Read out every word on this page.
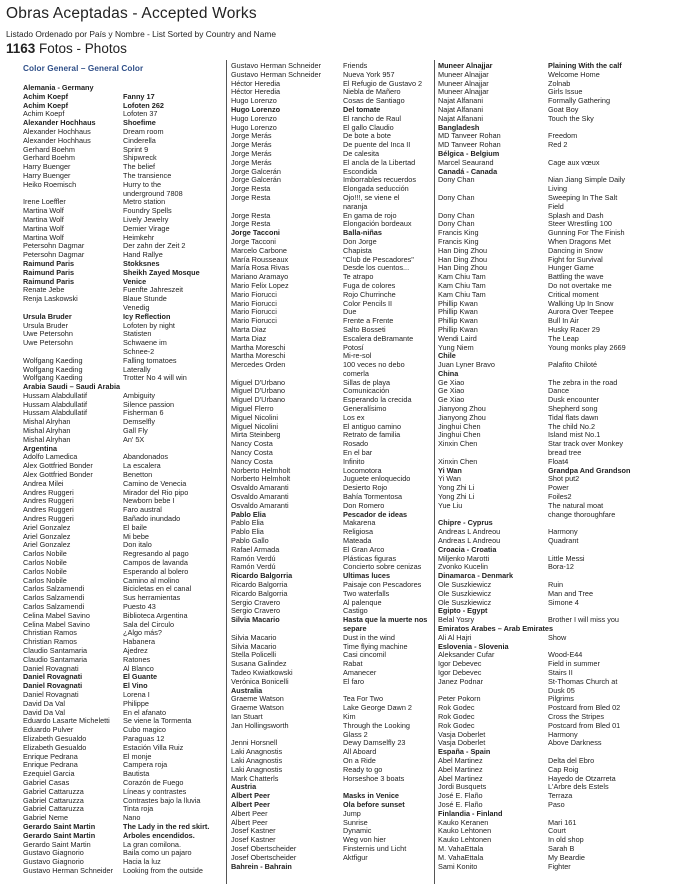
Obras Aceptadas - Accepted Works
Listado Ordenado por País y Nombre - List Sorted by Country and Name
1163 Fotos - Photos
Color General – General Color
Alemania - Germany
Achim Koepf	Fanny 17
Achim Koepf	Lofoten 262
Achim Koepf	Lofoten 37
Alexander Hochhaus	Shoefime
Alexander Hochhaus	Dream room
Alexander Hochhaus	Cinderella
Gerhard Boehm	Sprint 9
Gerhard Boehm	Shipwreck
Harry Buenger	The belief
Harry Buenger	The transience
Heiko Roemisch	Hurry to the
underground 7808
Irene Loeffler	Metro station
Martina Wolf	Foundry Spells
Martina Wolf	Lively Jewelry
Martina Wolf	Demier Virage
Martina Wolf	Heimkehr
Petersohn Dagmar	Der zahn der Zeit 2
Petersohn Dagmar	Hand Rallye
Raimund Paris	Stokksnes
Raimund Paris	Sheikh Zayed Mosque
Raimund Paris	Venice
Renate Jebe	Fuenfte Jahreszeit
Renja Laskowski	Blaue Stunde
Venedig
Ursula Bruder	Icy Reflection
Ursula Bruder	Lofoten by night
Uwe Petersohn	Statisten
Uwe Petersohn	Schwaene im
Schnee-2
Wolfgang Kaeding	Falling tomatoes
Wolfgang Kaeding	Laterally
Wolfgang Kaeding	Trotter No 4 will win
Arabia Saudi – Saudi Arabia
Hussam Alabdullatif	Ambiguity
Hussam Alabdullatif	Silence passion
Hussam Alabdullatif	Fisherman 6
Mishal Alryhan	Demselfly
Mishal Alryhan	Gall Fly
Mishal Alryhan	An' 5X
Argentina
Adolfo Lamedica	Abandonados
Alex Gottfried Bonder	La escalera
Alex Gottfried Bonder	Benetton
Andrea Milei	Camino de Venecia
Andres Ruggeri	Mirador del Rio pipo
Andres Ruggeri	Newborn bebe I
Andres Ruggeri	Faro austral
Andres Ruggeri	Bañado inundado
Ariel Gonzalez	El baile
Ariel Gonzalez	Mi bebe
Ariel Gonzalez	Don italo
Carlos Nobile	Regresando al pago
Carlos Nobile	Campos de lavanda
Carlos Nobile	Esperando al bolero
Carlos Nobile	Camino al molino
Carlos Salzamendi	Bicicletas en el canal
Carlos Salzamendi	Sus herramientas
Carlos Salzamendi	Puesto 43
Celina Mabel Savino	Biblioteca Argentina
Celina Mabel Savino	Sala del Circulo
Christian Ramos	¿Algo más?
Christian Ramos	Habanera
Claudio Santamaria	Ajedrez
Claudio Santamaria	Ratones
Daniel Rovagnati	Al Blanco
Daniel Rovagnati	El Guante
Daniel Rovagnati	El Vino
Daniel Rovagnati	Lorena I
David Da Val	Philippe
David Da Val	En el afanato
Eduardo Lasarte Micheletti	Se viene la Tormenta
Eduardo Pulver	Cubo magico
Elizabeth Gesualdo	Paraguas 12
Elizabeth Gesualdo	Estación Villa Ruiz
Enrique Pedrana	El monje
Enrique Pedrana	Campera roja
Ezequiel Garcia	Bautista
Gabriel Casas	Corazón de Fuego
Gabriel Cattaruzza	Líneas y contrastes
Gabriel Cattaruzza	Contrastes bajo la lluvia
Gabriel Cattaruzza	Tinta roja
Gabriel Neme	Nano
Gerardo Saint Martin	The Lady in the red skirt.
Gerardo Saint Martin	Árboles encendidos.
Gerardo Saint Martin	La gran comilona.
Gustavo Giagnorio	Baila como un pajaro
Gustavo Giagnorio	Hacia la luz
Gustavo Herman Schneider	Looking from the outside
Gustavo Herman Schneider	Friends
Gustavo Herman Schneider	Nueva York 957
Héctor Heredia	El Refugio de Gustavo 2
Héctor Heredia	Niebla de Mañero
Hugo Lorenzo	Cosas de Santiago
Hugo Lorenzo	Del tomate
Hugo Lorenzo	El rancho de Raul
Hugo Lorenzo	El gallo Claudio
Jorge Merás	De bote a bote
Jorge Merás	De puente del Inca II
Jorge Merás	De calesita
Jorge Merás	El ancla de la Libertad
Jorge Galcerán	Escondida
Jorge Galcerán	Imborrables recuerdos
Jorge Resta	Elongada seducción
Jorge Resta	Ojo!!!, se viene el
naranja
Jorge Resta	En gama de rojo
Jorge Resta	Elongación bordeaux
Jorge Tacconi	Balla-niñas
Jorge Tacconi	Don Jorge
Marcelo Carbone	Chapista
María Rousseaux	"Club de Pescadores"
María Rosa Rivas	Desde los cuentos...
Mariano Aramayo	Te atrapo
Mario Felix Lopez	Fuga de colores
Mario Fiorucci	Rojo Churrinche
Mario Fiorucci	Color Pencils II
Mario Fiorucci	Due
Mario Fiorucci	Frente a Frente
Marta Diaz	Salto Bosseti
Marta Diaz	Escalera deBramante
Martha Moreschi	Potosí
Martha Moreschi	Mi-re-sol
Mercedes Orden	100 veces no debo
comerla
Miguel D'Urbano	Sillas de playa
Miguel D'Urbano	Comunicación
Miguel D'Urbano	Esperando la crecida
Miguel Flerro	Generalísimo
Miguel Nicolini	Los ex
Miguel Nicolini	El antiguo camino
Mirta Steinberg	Retrato de familia
Nancy Costa	Rosado
Nancy Costa	En el bar
Nancy Costa	Infinito
Norberto Helmholt	Locomotora
Norberto Helmholt	Juguete enloquecido
Osvaldo Amaranti	Desierto Rojo
Osvaldo Amaranti	Bahía Tormentosa
Osvaldo Amaranti	Don Romero
Pablo Elia	Pescador de ideas
Pablo Elia	Makarena
Pablo Elia	Religiosa
Pablo Gallo	Mateada
Rafael Armada	El Gran Arco
Ramón Verdú	Plásticas figuras
Ramón Verdú	Concierto sobre cenizas
Ricardo Balgorria	Ultimas luces
Ricardo Balgorria	Paisaje con Pescadores
Ricardo Balgorria	Two waterfalls
Sergio Cravero	Al palenque
Sergio Cravero	Castigo
Silvia Macario	Hasta que la muerte nos
separe
Silvia Macario	Dust in the wind
Silvia Macario	Time flying machine
Stella Policelli	Casi cincomil
Susana Galindez	Rabat
Tadeo Kwiatkowski	Amanecer
Verónica Bonicelli	El faro
Australia
Graeme Watson	Tea For Two
Graeme Watson	Lake George Dawn 2
Ian Stuart	Kim
Jan Hollingsworth	Through the Looking
Glass 2
Jenni Horsnell	Dewy Damselfly 23
Laki Anagnostis	All Aboard
Laki Anagnostis	On a Ride
Laki Anagnostis	Ready to go
Mark Chatterls	Horseshoe 3 boats
Austria
Albert Peer	Masks in Venice
Albert Peer	Ola before sunset
Albert Peer	Jump
Albert Peer	Sunrise
Josef Kastner	Dynamic
Josef Kastner	Weg von hier
Josef Obertscheider	Finsternis und Licht
Josef Obertscheider	Aktfigur
Bahrein - Bahrain
Muneer Alnajjar	Plaining With the calf
Muneer Alnajjar	Welcome Home
Muneer Alnajjar	Zolnab
Muneer Alnajjar	Girls Issue
Najat Alfanani	Formally Gathering
Najat Alfanani	Goat Boy
Najat Alfanani	Touch the Sky
Bangladesh
MD Tanveer Rohan	Freedom
MD Tanveer Rohan	Red 2
Bélgica - Belgium
Marcel Seaurand	Cage aux vœux
Canadá - Canada
Dony Chan	Nian Jiang Simple Daily
Living
Dony Chan	Sweeping In The Salt
Field
Dony Chan	Splash and Dash
Dony Chan	Steer Wrestling 100
Francis King	Gunning For The Finish
Francis King	When Dragons Met
Han Ding Zhou	Dancing in Snow
Han Ding Zhou	Fight for Survival
Han Ding Zhou	Hunger Game
Kam Chiu Tam	Battling the wave
Kam Chiu Tam	Do not overtake me
Kam Chiu Tam	Critical moment
Phillip Kwan	Walking Up In Snow
Phillip Kwan	Aurora Over Teepee
Phillip Kwan	Bull In Air
Phillip Kwan	Husky Racer 29
Wendi Laird	The Leap
Yung Niem	Young monks play 2669
Chile
Juan Lyner Bravo	Palafito Chiloté
China
Ge Xiao	The zebra in the road
Ge Xiao	Dance
Ge Xiao	Dusk encounter
Jianyong Zhou	Shepherd song
Jianyong Zhou	Tidal flats dawn
Jinghui Chen	The child No.2
Jinghui Chen	Island mist No.1
Xinxin Chen	Star track over Monkey
bread tree
Xinxin Chen	Float4
Yi Wan	Grandpa And Grandson
Yi Wan	Shot put2
Yong Zhi Li	Power
Yong Zhi Li	Foiles2
Yue Liu	The natural moat
change thoroughfare
Chipre - Cyprus
Andreas L Andreou	Harmony
Andreas L Andreou	Quadrant
Croacia - Croatia
Miljenko Marotti	Little Messi
Zvonko Kucelin	Bora-12
Dinamarca - Denmark
Ole Suszkiewicz	Ruin
Ole Suszkiewicz	Man and Tree
Ole Suszkiewicz	Simone 4
Egipto - Egypt
Belal Yosry	Brother I will miss you
Emiratos Arabes – Arab Emirates
Ali Al Hajri	Show
Eslovenia - Slovenia
Aleksander Cufar	Wood-E44
Igor Debevec	Field in summer
Igor Debevec	Stairs II
Janez Podnar	St-Thomas Church at
Dusk 05
Peter Pokorn	Pilgrims
Rok Godec	Postcard from Bled 02
Rok Godec	Cross the Stripes
Rok Godec	Postcard from Bled 01
Vasja Doberlet	Harmony
Vasja Doberlet	Above Darkness
España - Spain
Abel Martinez	Delta del Ebro
Abel Martinez	Cap Roig
Abel Martinez	Hayedo de Otzarreta
Jordi Busquets	L'Arbre dels Estels
José E. Flaño	Terraza
José E. Flaño	Paso
Finlandia - Finland
Kauko Keranen	Mari 161
Kauko Lehtonen	Court
Kauko Lehtonen	In old shop
M. VahaEttala	Sarah B
M. VahaEttala	My Beardie
Sami Konito	Fighter
